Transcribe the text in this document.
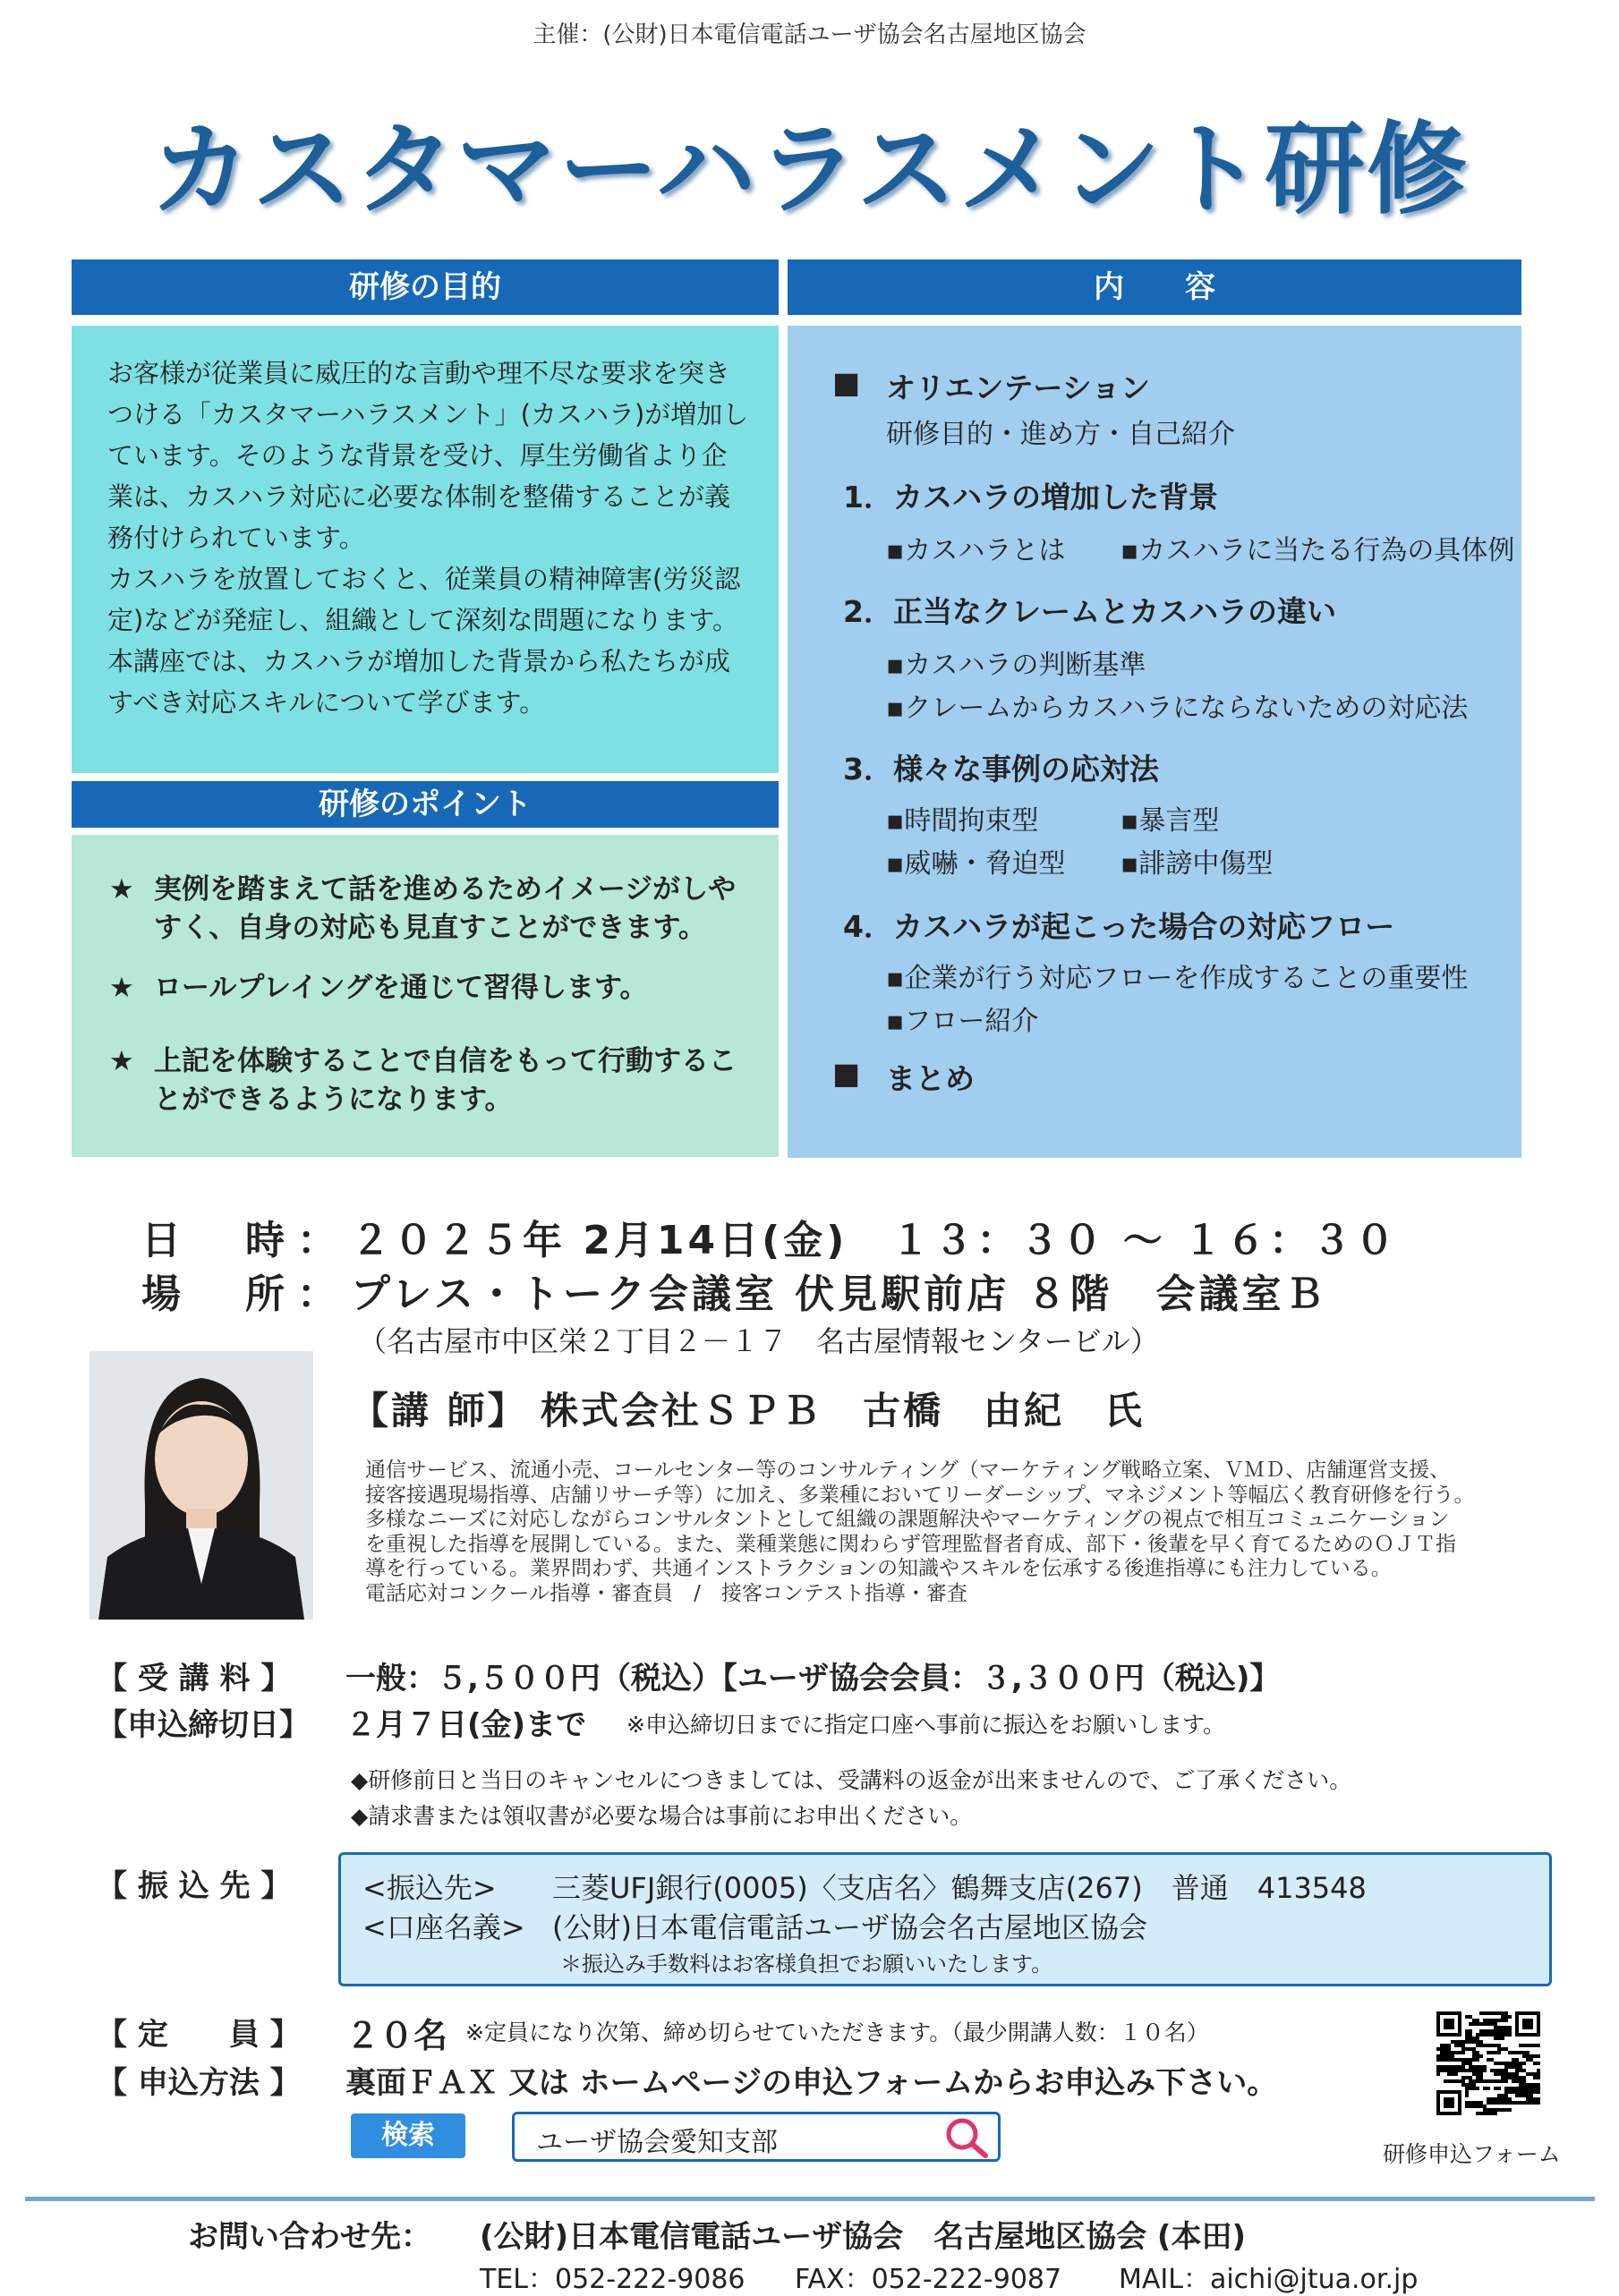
主催：(公財)日本電信電話ユーザ協会名古屋地区協会
カスタマーハラスメント研修
研修の目的
お客様が従業員に威圧的な言動や理不尽な要求を突きつける「カスタマーハラスメント」(カスハラ)が増加しています。そのような背景を受け、厚生労働省より企業は、カスハラ対応に必要な体制を整備することが義務付けられています。
カスハラを放置しておくと、従業員の精神障害(労災認定)などが発症し、組織として深刻な問題になります。
本講座では、カスハラが増加した背景から私たちが成すべき対応スキルについて学びます。
研修のポイント
★ 実例を踏まえて話を進めるためイメージがしやすく、自身の対応も見直すことができます。
★ ロールプレイングを通じて習得します。
★ 上記を体験することで自信をもって行動することができるようになります。
内　　容
■ オリエンテーション
研修目的・進め方・自己紹介
1．カスハラの増加した背景
▪カスハラとは ▪カスハラに当たる行為の具体例
2．正当なクレームとカスハラの違い
▪カスハラの判断基準
▪クレームからカスハラにならないための対応法
3．様々な事例の応対法
▪時間拘束型	▪暴言型
▪威嚇・脅迫型 ▪誹謗中傷型
4．カスハラが起こった場合の対応フロー
▪企業が行う対応フローを作成することの重要性
▪フロー紹介
■ まとめ
日　時： ２０２５年 2月14日(金)　１３：３０ ～ １６：３０
場　所： プレス・トーク会議室 伏見駅前店 ８階　会議室Ｂ
（名古屋市中区栄２丁目２－１７　名古屋情報センタービル）
【講 師】 株式会社ＳＰＢ　古橋　由紀　氏
通信サービス、流通小売、コールセンター等のコンサルティング（マーケティング戦略立案、ＶＭＤ、店舗運営支援、
接客接遇現場指導、店舗リサーチ等）に加え、多業種においてリーダーシップ、マネジメント等幅広く教育研修を行う。
多様なニーズに対応しながらコンサルタントとして組織の課題解決やマーケティングの視点で相互コミュニケーション
を重視した指導を展開している。また、業種業態に関わらず管理監督者育成、部下・後輩を早く育てるためのＯＪＴ指
導を行っている。業界問わず、共通インストラクションの知識やスキルを伝承する後進指導にも注力している。
電話応対コンクール指導・審査員　/　接客コンテスト指導・審査
【 受 講 料 】 一般：５,５００円（税込）【ユーザ協会会員：３,３００円（税込)】
【申込締切日】 ２月７日(金)まで ※申込締切日までに指定口座へ事前に振込をお願いします。
◆研修前日と当日のキャンセルにつきましては、受講料の返金が出来ませんので、ご了承ください。
◆請求書または領収書が必要な場合は事前にお申出ください。
【 振 込 先 】 <振込先> 三菱UFJ銀行(0005)〈支店名〉鶴舞支店(267)　普通　413548
<口座名義> (公財)日本電信電話ユーザ協会名古屋地区協会
＊振込み手数料はお客様負担でお願いいたします。
【 定　　員 】 ２０名 ※定員になり次第、締め切らせていただきます。（最少開講人数：１０名）
【 申込方法 】 裏面ＦＡＸ 又は ホームページの申込フォームからお申込み下さい。
検索	ユーザ協会愛知支部	研修申込フォーム
お問い合わせ先： (公財)日本電信電話ユーザ協会　名古屋地区協会 (本田)
TEL：052-222-9086 FAX：052-222-9087 MAIL：aichi@jtua.or.jp
